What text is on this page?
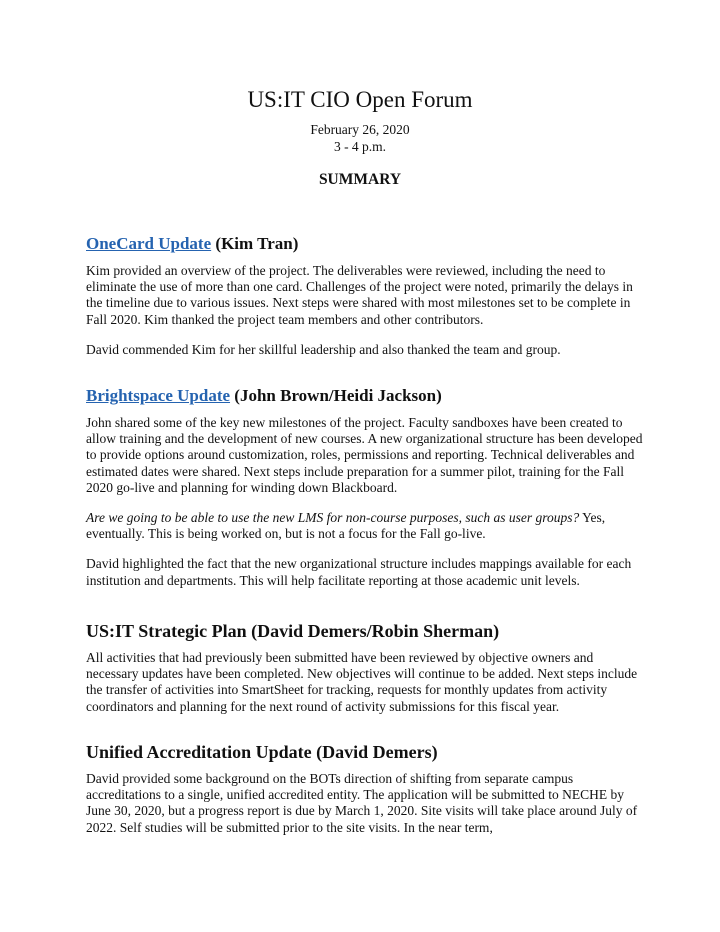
US:IT CIO Open Forum
February 26, 2020
3 - 4 p.m.
SUMMARY
OneCard Update (Kim Tran)

Kim provided an overview of the project. The deliverables were reviewed, including the need to eliminate the use of more than one card. Challenges of the project were noted, primarily the delays in the timeline due to various issues. Next steps were shared with most milestones set to be complete in Fall 2020. Kim thanked the project team members and other contributors.

David commended Kim for her skillful leadership and also thanked the team and group.

Brightspace Update (John Brown/Heidi Jackson)

John shared some of the key new milestones of the project. Faculty sandboxes have been created to allow training and the development of new courses. A new organizational structure has been developed to provide options around customization, roles, permissions and reporting. Technical deliverables and estimated dates were shared. Next steps include preparation for a summer pilot, training for the Fall 2020 go-live and planning for winding down Blackboard.

Are we going to be able to use the new LMS for non-course purposes, such as user groups? Yes, eventually. This is being worked on, but is not a focus for the Fall go-live.

David highlighted the fact that the new organizational structure includes mappings available for each institution and departments. This will help facilitate reporting at those academic unit levels.

US:IT Strategic Plan (David Demers/Robin Sherman)

All activities that had previously been submitted have been reviewed by objective owners and necessary updates have been completed. New objectives will continue to be added. Next steps include the transfer of activities into SmartSheet for tracking, requests for monthly updates from activity coordinators and planning for the next round of activity submissions for this fiscal year.

Unified Accreditation Update (David Demers)

David provided some background on the BOTs direction of shifting from separate campus accreditations to a single, unified accredited entity. The application will be submitted to NECHE by June 30, 2020, but a progress report is due by March 1, 2020. Site visits will take place around July of 2022. Self studies will be submitted prior to the site visits. In the near term,
